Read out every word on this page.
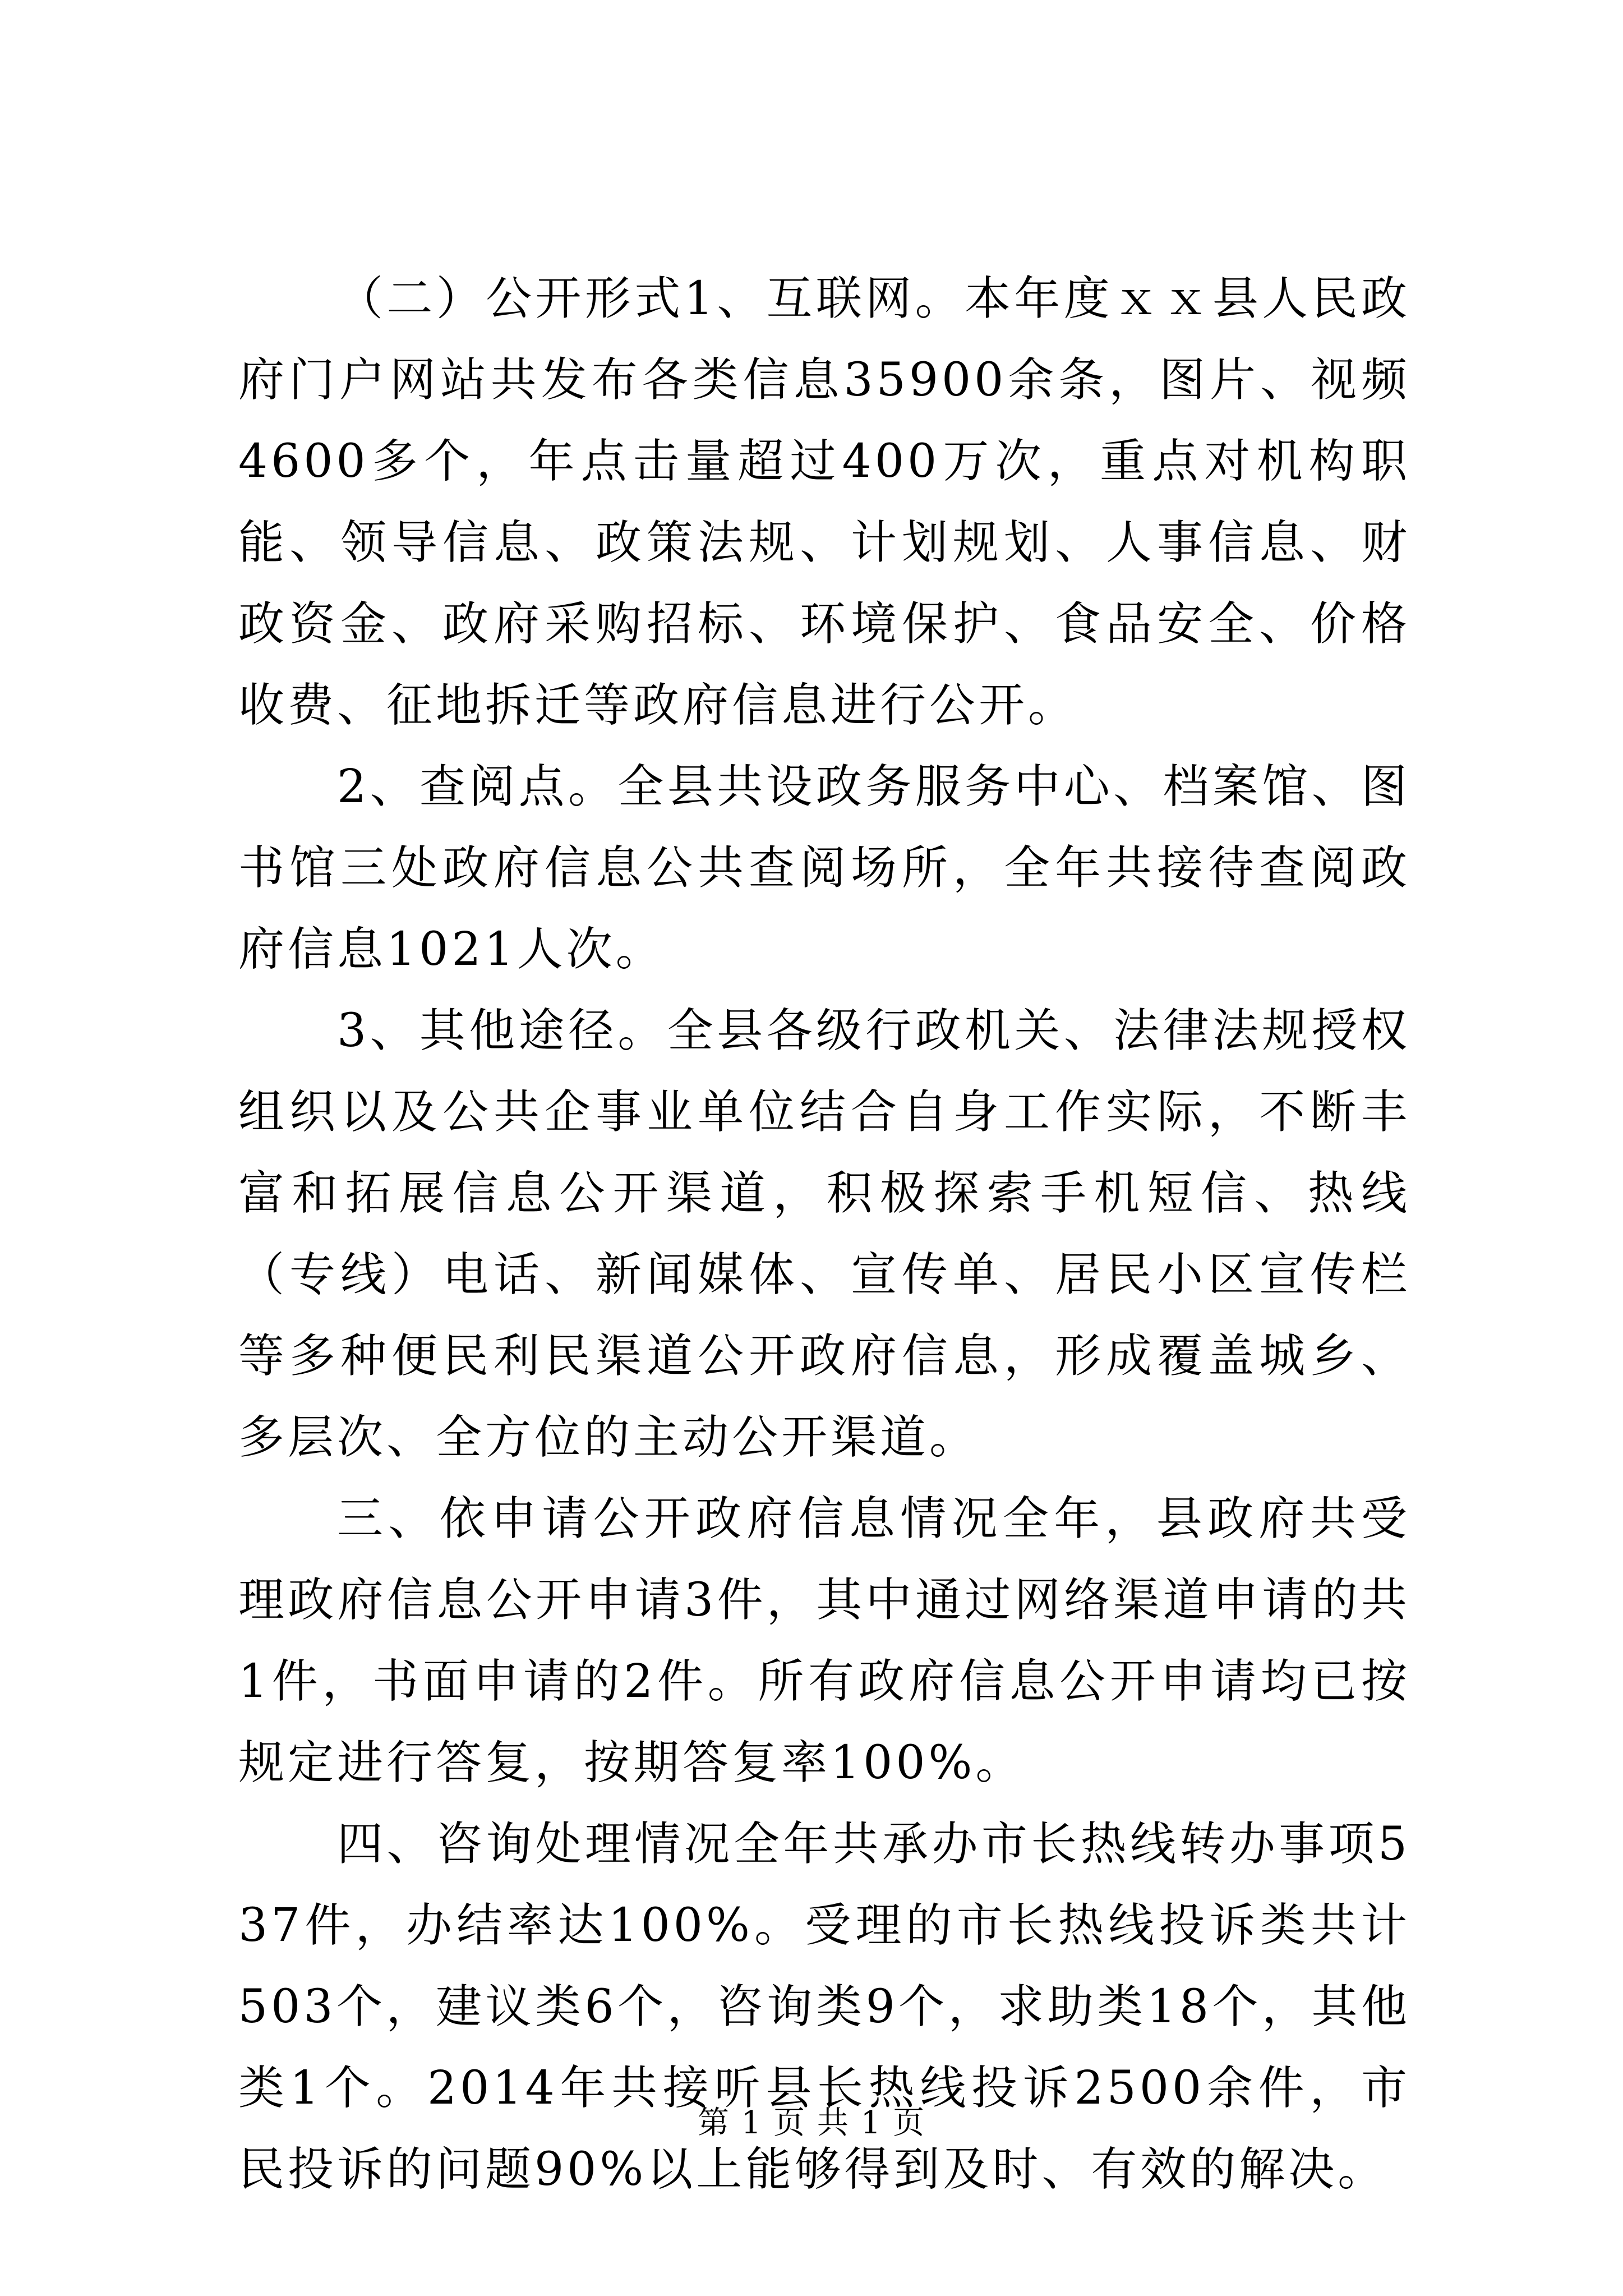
（二）公开形式1、互联网。本年度ｘｘ县人民政府门户网站共发布各类信息35900余条，图片、视频4600多个，年点击量超过400万次，重点对机构职能、领导信息、政策法规、计划规划、人事信息、财政资金、政府采购招标、环境保护、食品安全、价格收费、征地拆迁等政府信息进行公开。

2、查阅点。全县共设政务服务中心、档案馆、图书馆三处政府信息公共查阅场所，全年共接待查阅政府信息1021人次。

3、其他途径。全县各级行政机关、法律法规授权组织以及公共企事业单位结合自身工作实际，不断丰富和拓展信息公开渠道，积极探索手机短信、热线（专线）电话、新闻媒体、宣传单、居民小区宣传栏等多种便民利民渠道公开政府信息，形成覆盖城乡、多层次、全方位的主动公开渠道。

三、依申请公开政府信息情况全年，县政府共受理政府信息公开申请3件，其中通过网络渠道申请的共1件，书面申请的2件。所有政府信息公开申请均已按规定进行答复，按期答复率100%。

四、咨询处理情况全年共承办市长热线转办事项537件，办结率达100%。受理的市长热线投诉类共计503个，建议类6个，咨询类9个，求助类18个，其他类1个。2014年共接听县长热线投诉2500余件，市民投诉的问题90%以上能够得到及时、有效的解决。

第 1 页 共 1 页
